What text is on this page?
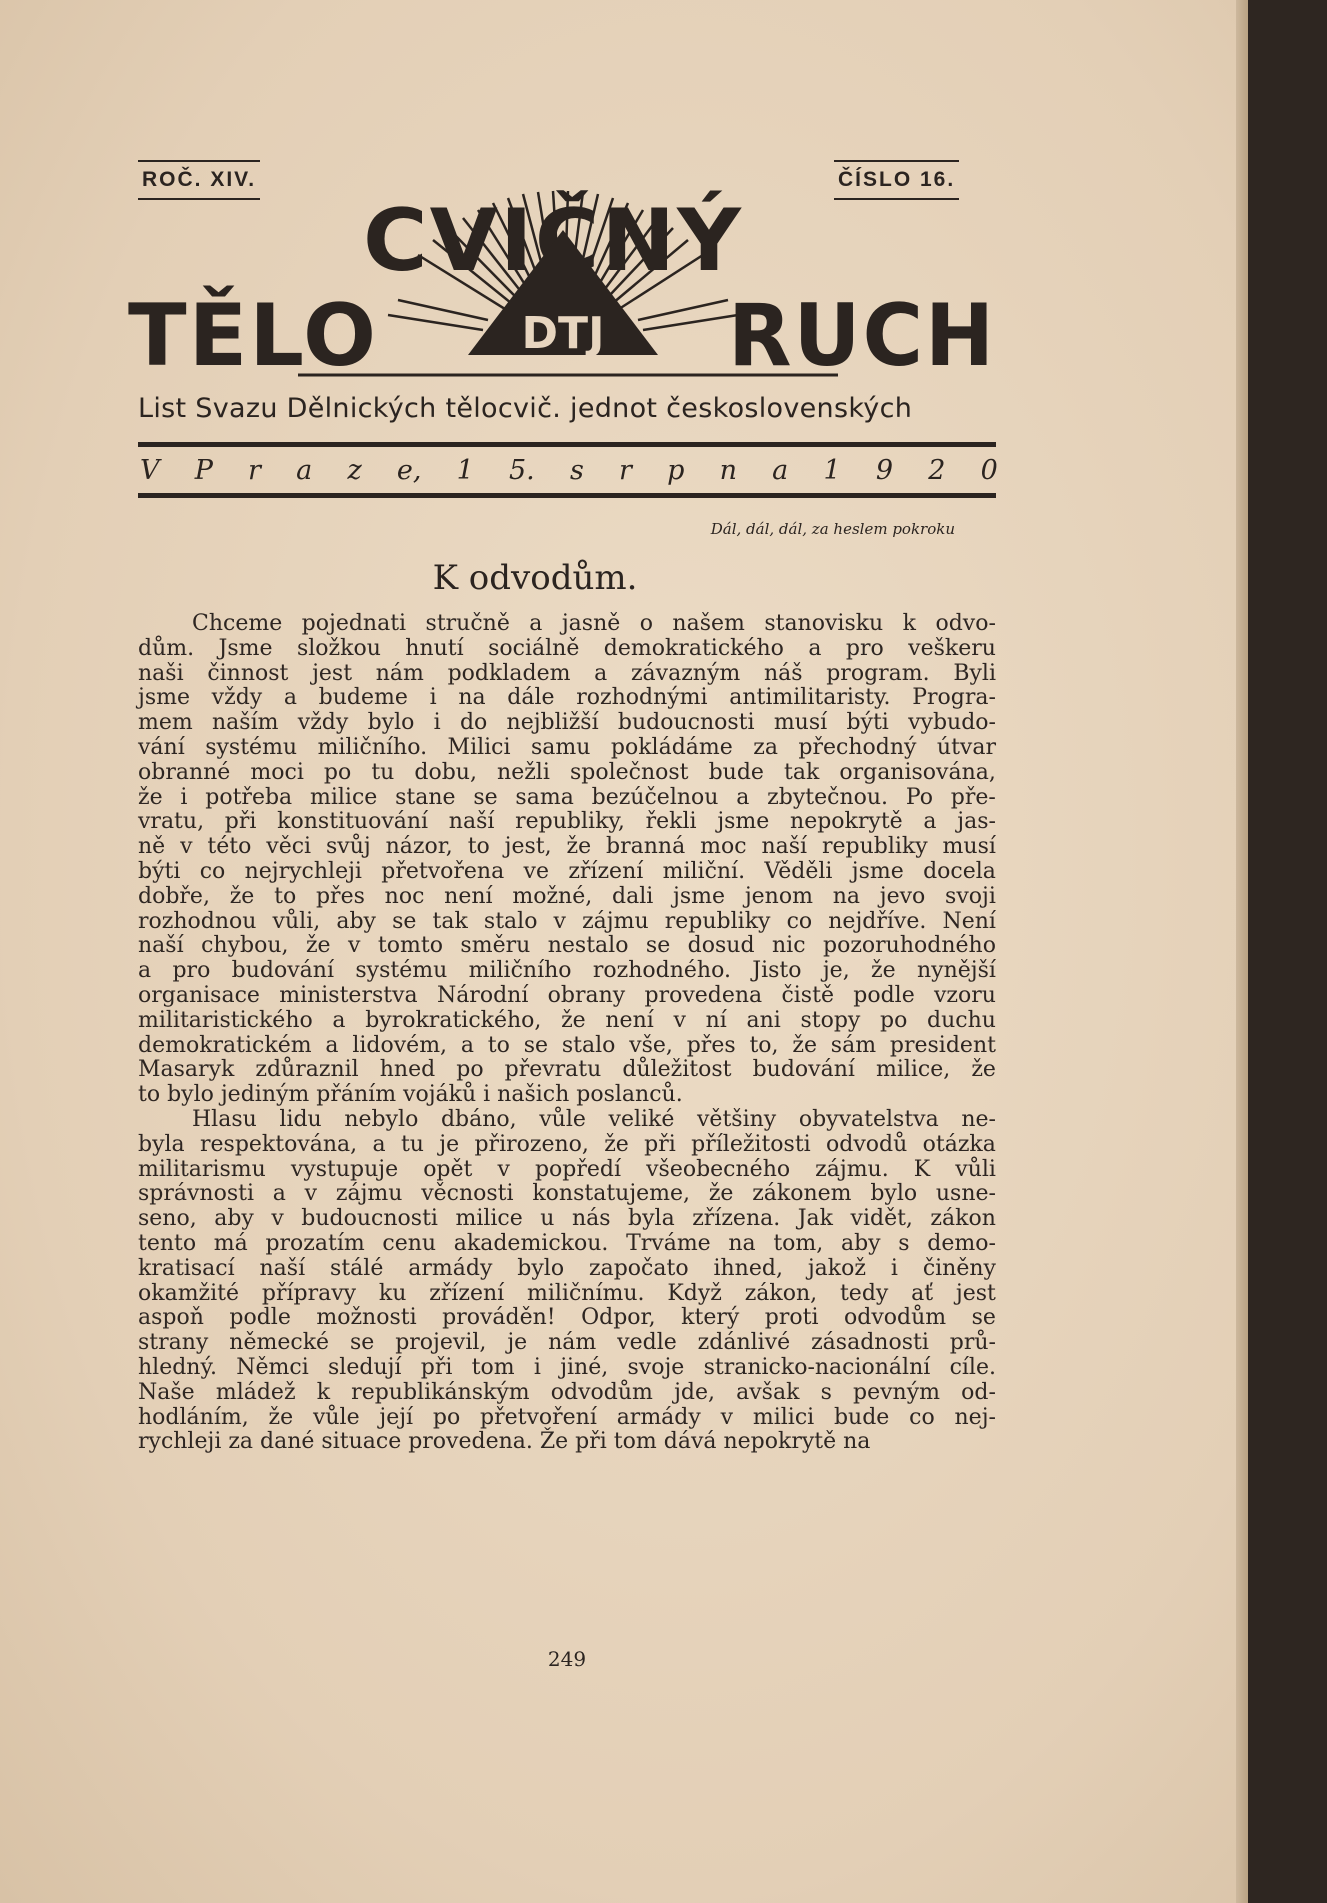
ROČ. XIV.	ČÍSLO 16.
TĚLO
CVIČNÝ
RUCH
DTJ
List Svazu Dělnických tělocvič. jednot československých
V P r a z e, 1 5. s r p n a 1 9 2 0
Dál, dál, dál, za heslem pokroku
K odvodům.
Chceme pojednati stručně a jasně o našem stanovisku k odvo-
dům. Jsme složkou hnutí sociálně demokratického a pro veškeru
naši činnost jest nám podkladem a závazným náš program. Byli
jsme vždy a budeme i na dále rozhodnými antimilitaristy. Progra-
mem naším vždy bylo i do nejbližší budoucnosti musí býti vybudo-
vání systému miličního. Milici samu pokládáme za přechodný útvar
obranné moci po tu dobu, nežli společnost bude tak organisována,
že i potřeba milice stane se sama bezúčelnou a zbytečnou. Po pře-
vratu, při konstituování naší republiky, řekli jsme nepokrytě a jas-
ně v této věci svůj názor, to jest, že branná moc naší republiky musí
býti co nejrychleji přetvořena ve zřízení miliční. Věděli jsme docela
dobře, že to přes noc není možné, dali jsme jenom na jevo svoji
rozhodnou vůli, aby se tak stalo v zájmu republiky co nejdříve. Není
naší chybou, že v tomto směru nestalo se dosud nic pozoruhodného
a pro budování systému miličního rozhodného. Jisto je, že nynější
organisace ministerstva Národní obrany provedena čistě podle vzoru
militaristického a byrokratického, že není v ní ani stopy po duchu
demokratickém a lidovém, a to se stalo vše, přes to, že sám president
Masaryk zdůraznil hned po převratu důležitost budování milice, že
to bylo jediným přáním vojáků i našich poslanců.
Hlasu lidu nebylo dbáno, vůle veliké většiny obyvatelstva ne-
byla respektována, a tu je přirozeno, že při příležitosti odvodů otázka
militarismu vystupuje opět v popředí všeobecného zájmu. K vůli
správnosti a v zájmu věcnosti konstatujeme, že zákonem bylo usne-
seno, aby v budoucnosti milice u nás byla zřízena. Jak vidět, zákon
tento má prozatím cenu akademickou. Trváme na tom, aby s demo-
kratisací naší stálé armády bylo započato ihned, jakož i činěny
okamžité přípravy ku zřízení miličnímu. Když zákon, tedy ať jest
aspoň podle možnosti prováděn! Odpor, který proti odvodům se
strany německé se projevil, je nám vedle zdánlivé zásadnosti prů-
hledný. Němci sledují při tom i jiné, svoje stranicko-nacionální cíle.
Naše mládež k republikánským odvodům jde, avšak s pevným od-
hodláním, že vůle její po přetvoření armády v milici bude co nej-
rychleji za dané situace provedena. Že při tom dává nepokrytě na
249
